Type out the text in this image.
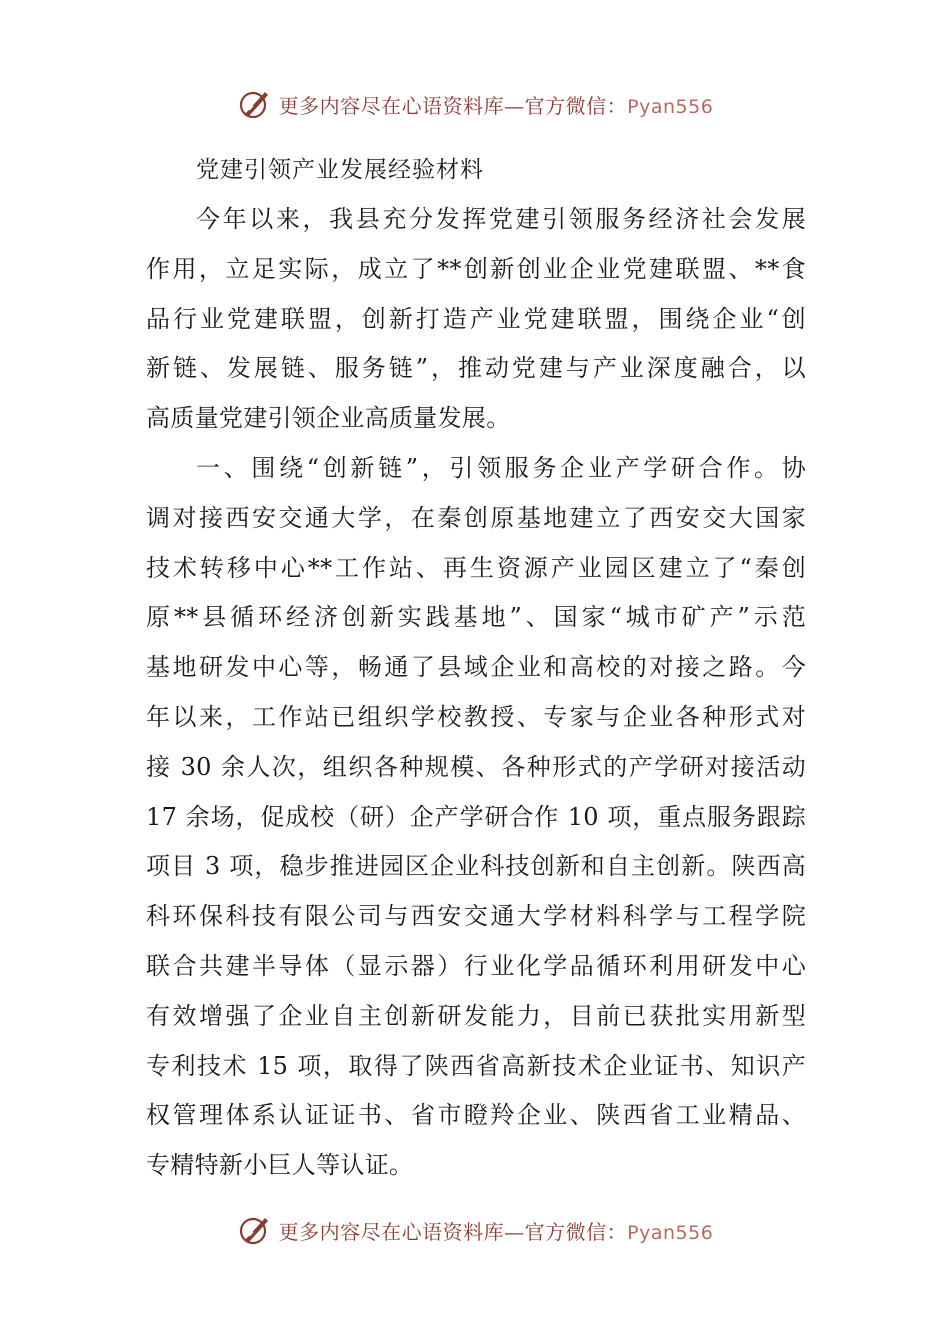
更多内容尽在心语资料库—官方微信：Pyan556
党建引领产业发展经验材料

今年以来，我县充分发挥党建引领服务经济社会发展

作用，立足实际，成立了**创新创业企业党建联盟、**食

品行业党建联盟，创新打造产业党建联盟，围绕企业“创

新链、发展链、服务链”，推动党建与产业深度融合，以

高质量党建引领企业高质量发展。

一、围绕“创新链”，引领服务企业产学研合作。协

调对接西安交通大学，在秦创原基地建立了西安交大国家

技术转移中心**工作站、再生资源产业园区建立了“秦创

原**县循环经济创新实践基地”、国家“城市矿产”示范

基地研发中心等，畅通了县域企业和高校的对接之路。今

年以来，工作站已组织学校教授、专家与企业各种形式对

接 30 余人次，组织各种规模、各种形式的产学研对接活动

17 余场，促成校（研）企产学研合作 10 项，重点服务跟踪

项目 3 项，稳步推进园区企业科技创新和自主创新。陕西高

科环保科技有限公司与西安交通大学材料科学与工程学院

联合共建半导体（显示器）行业化学品循环利用研发中心

有效增强了企业自主创新研发能力，目前已获批实用新型

专利技术 15 项，取得了陕西省高新技术企业证书、知识产

权管理体系认证证书、省市瞪羚企业、陕西省工业精品、

专精特新小巨人等认证。

更多内容尽在心语资料库—官方微信：Pyan556
